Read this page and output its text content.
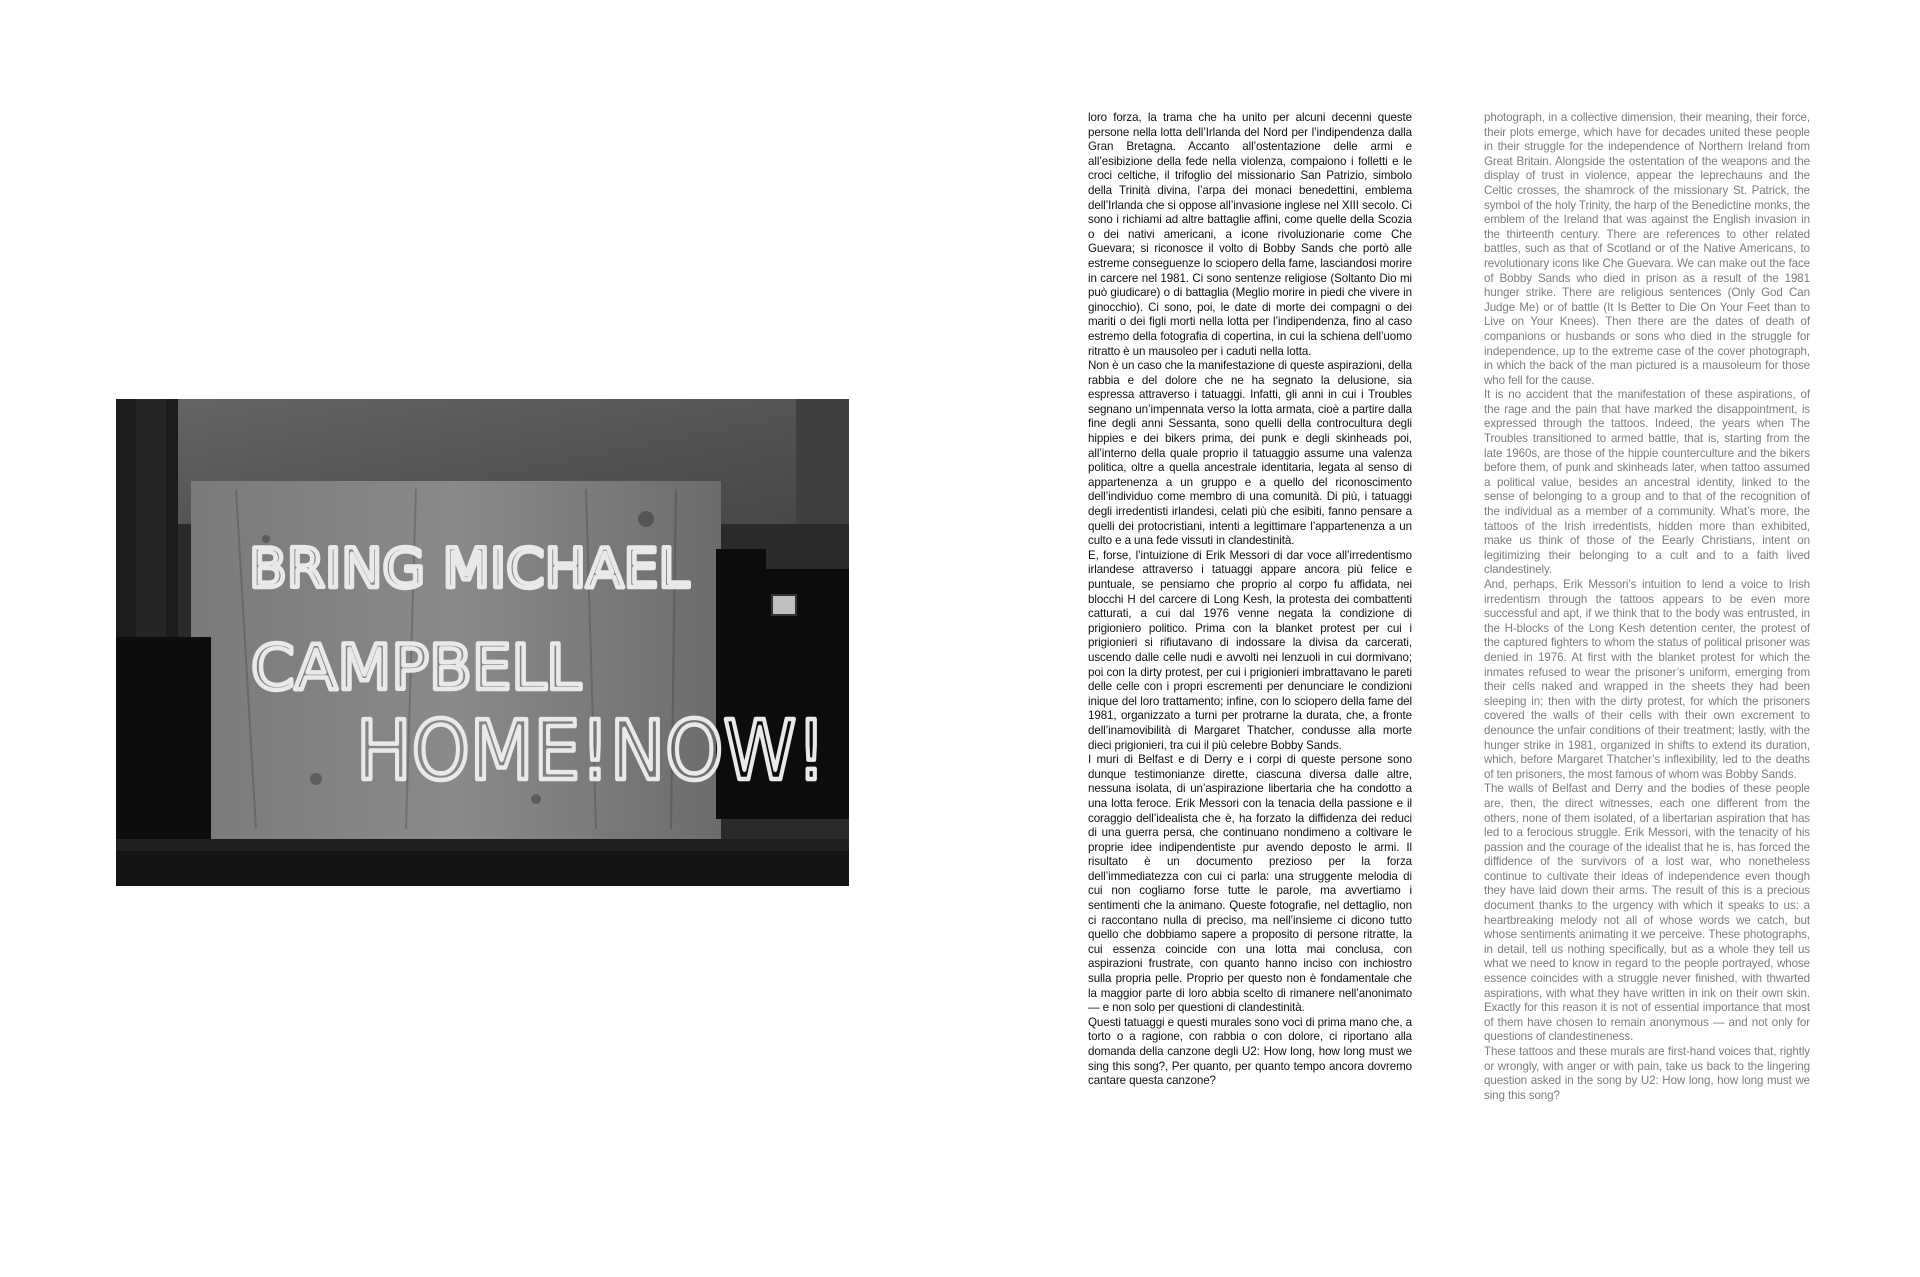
BRING MICHAEL
CAMPBELL
HOME!NOW!

loro forza, la trama che ha unito per alcuni decenni queste persone nella lotta dell’Irlanda del Nord per l’indipendenza dalla Gran Bretagna. Accanto all’ostentazione delle armi e all’esibizione della fede nella violenza, compaiono i folletti e le croci celtiche, il trifoglio del missionario San Patrizio, simbolo della Trinità divina, l’arpa dei monaci benedettini, emblema dell’Irlanda che si oppose all’invasione inglese nel XIII secolo. Ci sono i richiami ad altre battaglie affini, come quelle della Scozia o dei nativi americani, a icone rivoluzionarie come Che Guevara; si riconosce il volto di Bobby Sands che portò alle estreme conseguenze lo sciopero della fame, lasciandosi morire in carcere nel 1981. Ci sono sentenze religiose (Soltanto Dio mi può giudicare) o di battaglia (Meglio morire in piedi che vivere in ginocchio). Ci sono, poi, le date di morte dei compagni o dei mariti o dei figli morti nella lotta per l’indipendenza, fino al caso estremo della fotografia di copertina, in cui la schiena dell’uomo ritratto è un mausoleo per i caduti nella lotta.

Non è un caso che la manifestazione di queste aspirazioni, della rabbia e del dolore che ne ha segnato la delusione, sia espressa attraverso i tatuaggi. Infatti, gli anni in cui i Troubles segnano un’impennata verso la lotta armata, cioè a partire dalla fine degli anni Sessanta, sono quelli della controcultura degli hippies e dei bikers prima, dei punk e degli skinheads poi, all’interno della quale proprio il tatuaggio assume una valenza politica, oltre a quella ancestrale identitaria, legata al senso di appartenenza a un gruppo e a quello del riconoscimento dell’individuo come membro di una comunità. Di più, i tatuaggi degli irredentisti irlandesi, celati più che esibiti, fanno pensare a quelli dei protocristiani, intenti a legittimare l’appartenenza a un culto e a una fede vissuti in clandestinità.

E, forse, l’intuizione di Erik Messori di dar voce all’irredentismo irlandese attraverso i tatuaggi appare ancora più felice e puntuale, se pensiamo che proprio al corpo fu affidata, nei blocchi H del carcere di Long Kesh, la protesta dei combattenti catturati, a cui dal 1976 venne negata la condizione di prigioniero politico. Prima con la blanket protest per cui i prigionieri si rifiutavano di indossare la divisa da carcerati, uscendo dalle celle nudi e avvolti nei lenzuoli in cui dormivano; poi con la dirty protest, per cui i prigionieri imbrattavano le pareti delle celle con i propri escrementi per denunciare le condizioni inique del loro trattamento; infine, con lo sciopero della fame del 1981, organizzato a turni per protrarne la durata, che, a fronte dell’inamovibilità di Margaret Thatcher, condusse alla morte dieci prigionieri, tra cui il più celebre Bobby Sands.

I muri di Belfast e di Derry e i corpi di queste persone sono dunque testimonianze dirette, ciascuna diversa dalle altre, nessuna isolata, di un’aspirazione libertaria che ha condotto a una lotta feroce. Erik Messori con la tenacia della passione e il coraggio dell’idealista che è, ha forzato la diffidenza dei reduci di una guerra persa, che continuano nondimeno a coltivare le proprie idee indipendentiste pur avendo deposto le armi. Il risultato è un documento prezioso per la forza dell’immediatezza con cui ci parla: una struggente melodia di cui non cogliamo forse tutte le parole, ma avvertiamo i sentimenti che la animano. Queste fotografie, nel dettaglio, non ci raccontano nulla di preciso, ma nell’insieme ci dicono tutto quello che dobbiamo sapere a proposito di persone ritratte, la cui essenza coincide con una lotta mai conclusa, con aspirazioni frustrate, con quanto hanno inciso con inchiostro sulla propria pelle. Proprio per questo non è fondamentale che la maggior parte di loro abbia scelto di rimanere nell’anonimato — e non solo per questioni di clandestinità.

Questi tatuaggi e questi murales sono voci di prima mano che, a torto o a ragione, con rabbia o con dolore, ci riportano alla domanda della canzone degli U2: How long, how long must we sing this song?, Per quanto, per quanto tempo ancora dovremo cantare questa canzone?

photograph, in a collective dimension, their meaning, their force, their plots emerge, which have for decades united these people in their struggle for the independence of Northern Ireland from Great Britain. Alongside the ostentation of the weapons and the display of trust in violence, appear the leprechauns and the Celtic crosses, the shamrock of the missionary St. Patrick, the symbol of the holy Trinity, the harp of the Benedictine monks, the emblem of the Ireland that was against the English invasion in the thirteenth century. There are references to other related battles, such as that of Scotland or of the Native Americans, to revolutionary icons like Che Guevara. We can make out the face of Bobby Sands who died in prison as a result of the 1981 hunger strike. There are religious sentences (Only God Can Judge Me) or of battle (It Is Better to Die On Your Feet than to Live on Your Knees). Then there are the dates of death of companions or husbands or sons who died in the struggle for independence, up to the extreme case of the cover photograph, in which the back of the man pictured is a mausoleum for those who fell for the cause.

It is no accident that the manifestation of these aspirations, of the rage and the pain that have marked the disappointment, is expressed through the tattoos. Indeed, the years when The Troubles transitioned to armed battle, that is, starting from the late 1960s, are those of the hippie counterculture and the bikers before them, of punk and skinheads later, when tattoo assumed a political value, besides an ancestral identity, linked to the sense of belonging to a group and to that of the recognition of the individual as a member of a community. What’s more, the tattoos of the Irish irredentists, hidden more than exhibited, make us think of those of the Eearly Christians, intent on legitimizing their belonging to a cult and to a faith lived clandestinely.

And, perhaps, Erik Messori’s intuition to lend a voice to Irish irredentism through the tattoos appears to be even more successful and apt, if we think that to the body was entrusted, in the H-blocks of the Long Kesh detention center, the protest of the captured fighters to whom the status of political prisoner was denied in 1976. At first with the blanket protest for which the inmates refused to wear the prisoner’s uniform, emerging from their cells naked and wrapped in the sheets they had been sleeping in; then with the dirty protest, for which the prisoners covered the walls of their cells with their own excrement to denounce the unfair conditions of their treatment; lastly, with the hunger strike in 1981, organized in shifts to extend its duration, which, before Margaret Thatcher’s inflexibility, led to the deaths of ten prisoners, the most famous of whom was Bobby Sands.

The walls of Belfast and Derry and the bodies of these people are, then, the direct witnesses, each one different from the others, none of them isolated, of a libertarian aspiration that has led to a ferocious struggle. Erik Messori, with the tenacity of his passion and the courage of the idealist that he is, has forced the diffidence of the survivors of a lost war, who nonetheless continue to cultivate their ideas of independence even though they have laid down their arms. The result of this is a precious document thanks to the urgency with which it speaks to us: a heartbreaking melody not all of whose words we catch, but whose sentiments animating it we perceive. These photographs, in detail, tell us nothing specifically, but as a whole they tell us what we need to know in regard to the people portrayed, whose essence coincides with a struggle never finished, with thwarted aspirations, with what they have written in ink on their own skin. Exactly for this reason it is not of essential importance that most of them have chosen to remain anonymous — and not only for questions of clandestineness.

These tattoos and these murals are first-hand voices that, rightly or wrongly, with anger or with pain, take us back to the lingering question asked in the song by U2: How long, how long must we sing this song?
